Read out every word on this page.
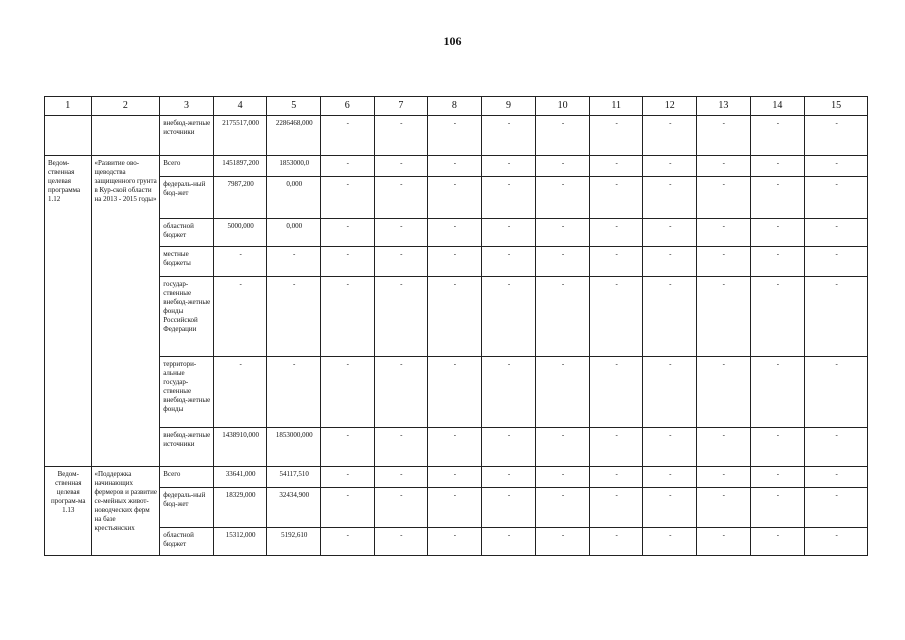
106
1	2	3	4	5	6	7	8	9	10	11	12	13	14	15
		внебюд-жетные источники	2175517,000	2286468,000	-	-	-	-	-	-	-	-	-	-
Ведом-ственная целевая программа 1.12	«Развитие ово-щеводства защищенного грунта в Кур-ской области на 2013 - 2015 годы»	Всего	1451897,200	1853000,0	-	-	-	-	-	-	-	-	-	-
		федераль-ный бюд-жет	7987,200	0,000	-	-	-	-	-	-	-	-	-	-
		областной бюджет	5000,000	0,000	-	-	-	-	-	-	-	-	-	-
		местные бюджеты	-	-	-	-	-	-	-	-	-	-	-	-
		государ-ственные внебюд-жетные фонды Российской Федерации	-	-	-	-	-	-	-	-	-	-	-	-
		территори-альные государ-ственные внебюд-жетные фонды	-	-	-	-	-	-	-	-	-	-	-	-
		внебюд-жетные источники	1438910,000	1853000,000	-	-	-	-	-	-	-	-	-	-
Ведом-ственная целевая програм-ма 1.13	«Поддержка начинающих фермеров и развитие се-мейных живот-новодческих ферм на базе крестьянских	Всего	33641,000	54117,510	-	-	-	-	-	-	-	-	-	-
		федераль-ный бюд-жет	18329,000	32434,900	-	-	-	-	-	-	-	-	-	-
		областной бюджет	15312,000	5192,610	-	-	-	-	-	-	-	-	-	-
